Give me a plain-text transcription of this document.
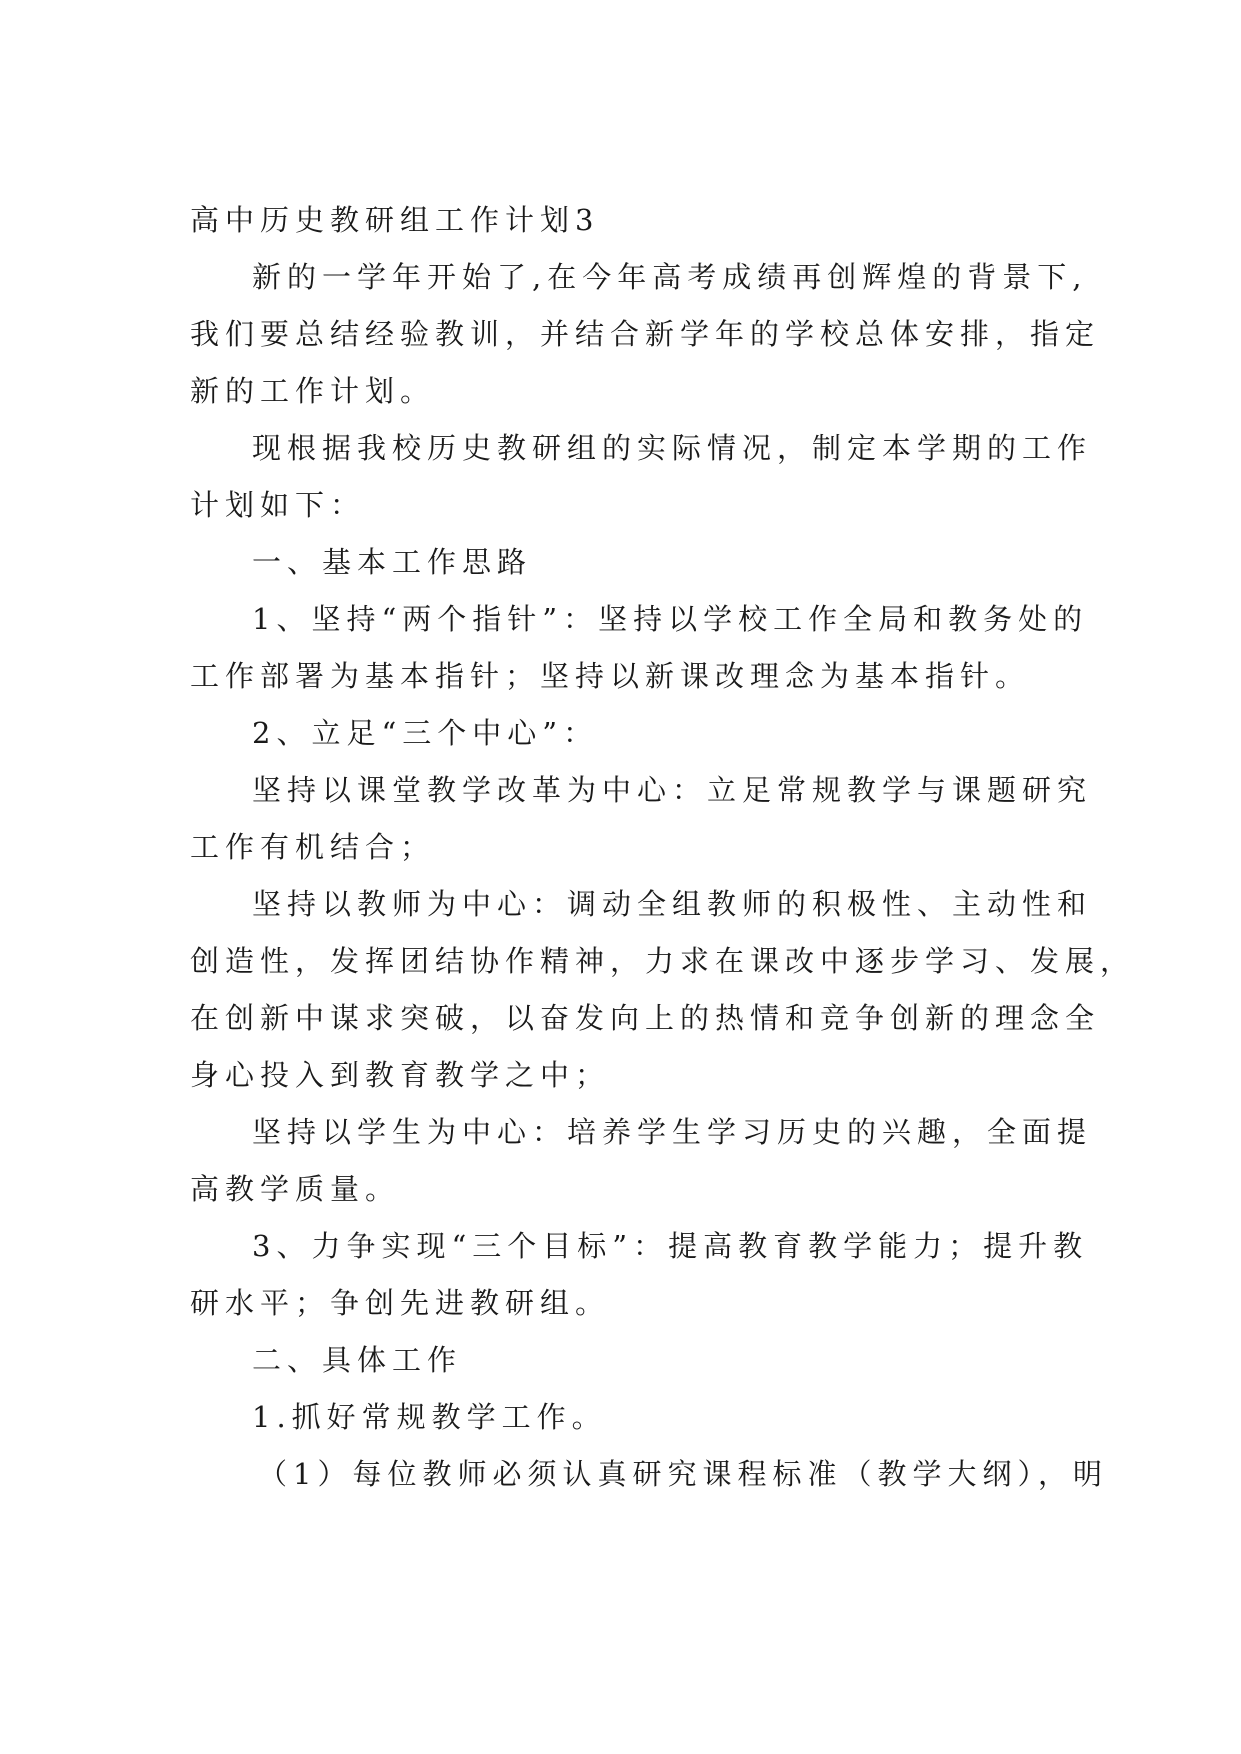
高中历史教研组工作计划3
新的一学年开始了,在今年高考成绩再创辉煌的背景下,
我们要总结经验教训，并结合新学年的学校总体安排，指定
新的工作计划。
现根据我校历史教研组的实际情况，制定本学期的工作
计划如下：
一、基本工作思路
1、坚持“两个指针”：坚持以学校工作全局和教务处的
工作部署为基本指针；坚持以新课改理念为基本指针。
2、立足“三个中心”：
坚持以课堂教学改革为中心：立足常规教学与课题研究
工作有机结合；
坚持以教师为中心：调动全组教师的积极性、主动性和
创造性，发挥团结协作精神，力求在课改中逐步学习、发展，
在创新中谋求突破，以奋发向上的热情和竞争创新的理念全
身心投入到教育教学之中；
坚持以学生为中心：培养学生学习历史的兴趣，全面提
高教学质量。
3、力争实现“三个目标”：提高教育教学能力；提升教
研水平；争创先进教研组。
二、具体工作
1.抓好常规教学工作。
（1）每位教师必须认真研究课程标准（教学大纲），明
